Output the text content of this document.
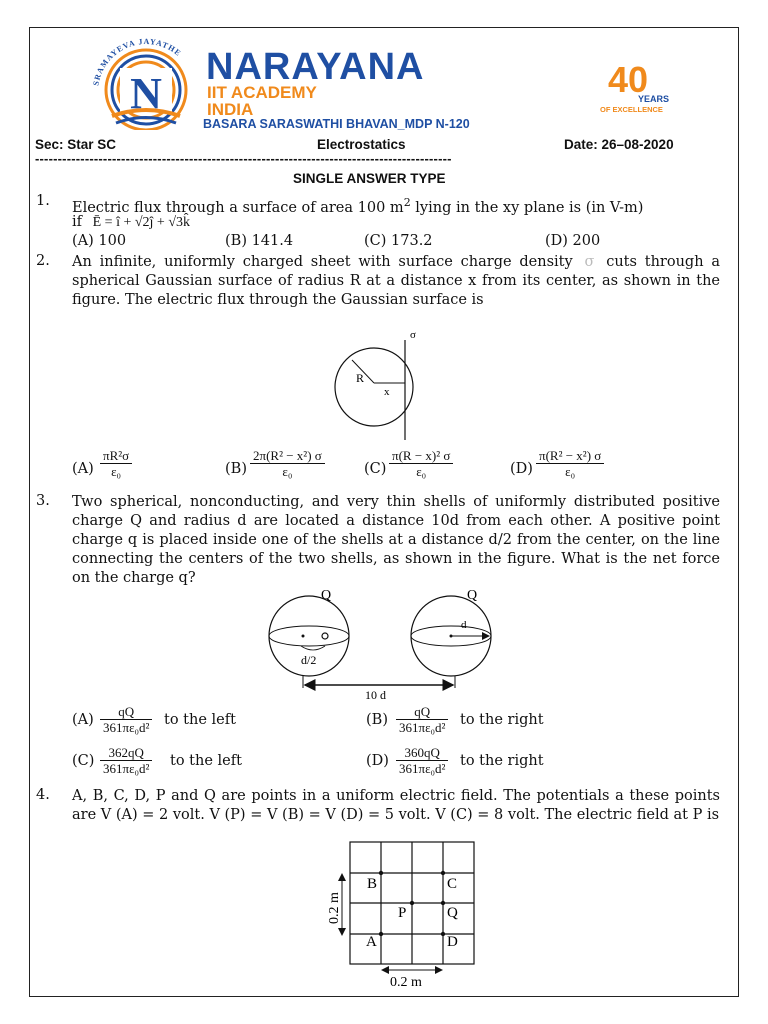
SRAMAYEVA JAYATHE
N
NARAYANA
IIT ACADEMY
INDIA
BASARA SARASWATHI BHAVAN_MDP N-120
40
YEARS
OF EXCELLENCE
Sec: Star SC	Electrostatics	Date: 26–08-2020
--------------------------------------------------------------------------------------------
SINGLE ANSWER TYPE
1. Electric flux through a surface of area 100 $m^2$ lying in the xy plane is (in V-m)
if Ē = î + √2ĵ + √3k̂
(A) 100	(B) 141.4	(C) 173.2	(D) 200
2. An infinite, uniformly charged sheet with surface charge density σ cuts through a spherical Gaussian surface of radius R at a distance x from its center, as shown in the figure. The electric flux through the Gaussian surface is
σ
R
x
$(A) \frac{\text{πR²σ}}{\text{ε₀}}$	$(B) \frac{\text{2π(R² − x²) σ}}{\text{ε₀}}$	$(C) \frac{\text{π(R − x)² σ}}{\text{ε₀}}$	$(D) \frac{\text{π(R² − x²) σ}}{\text{ε₀}}$
3. Two spherical, nonconducting, and very thin shells of uniformly distributed positive charge Q and radius d are located a distance 10d from each other. A positive point charge q is placed inside one of the shells at a distance d/2 from the center, on the line connecting the centers of the two shells, as shown in the figure. What is the net force on the charge q?
Q	Q
d/2
d
10 d
$(A) \frac{qQ}{\text{361πε₀d²}}$ to the left	$(B) \frac{qQ}{\text{361πε₀d²}}$ to the right
$(C) \frac{362qQ}{\text{361πε₀d²}}$ to the left	$(D) \frac{360qQ}{\text{361πε₀d²}}$ to the right
4. A, B, C, D, P and Q are points in a uniform electric field. The potentials a these points are V (A) = 2 volt. V (P) = V (B) = V (D) = 5 volt. V (C) = 8 volt. The electric field at P is
B	C
P	Q
A	D
0.2 m
0.2 m
